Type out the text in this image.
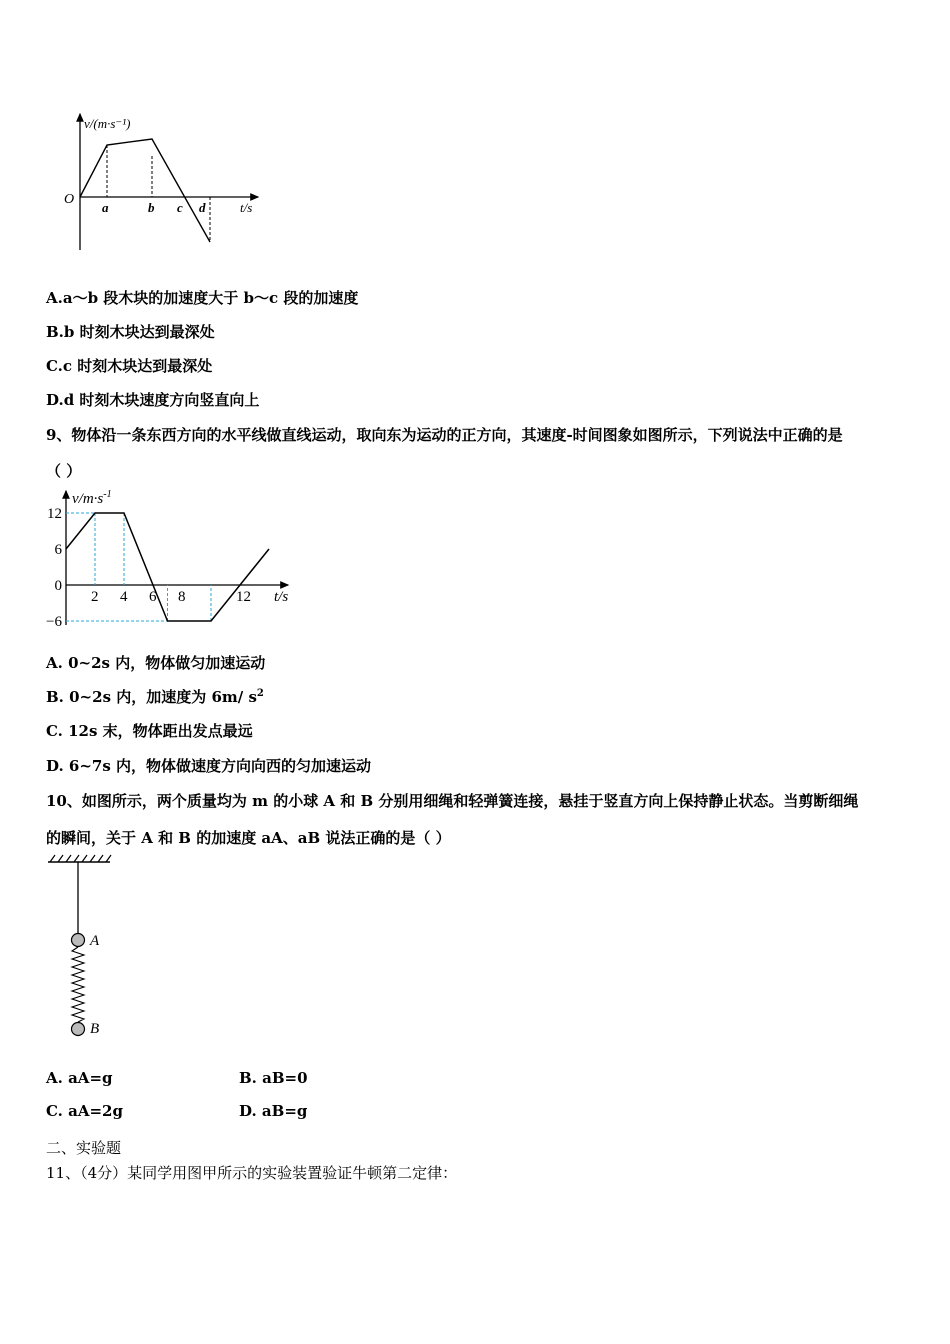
v/(m·s⁻¹)
O
a	b c d	t/s
A.a～b 段木块的加速度大于 b～c 段的加速度
B.b 时刻木块达到最深处
C.c 时刻木块达到最深处
D.d 时刻木块速度方向竖直向上
9、物体沿一条东西方向的水平线做直线运动，取向东为运动的正方向，其速度-时间图象如图所示，下列说法中正确的是
（ ）
$v/m\cdot s^{-1}$
t/s
2 4 6 8	12
12
6
0
−6
A. 0~2s 内，物体做匀加速运动
B. 0~2s 内，加速度为 6m/ $s^2$
C. 12s 末，物体距出发点最远
D. 6~7s 内，物体做速度方向向西的匀加速运动
10、如图所示，两个质量均为 m 的小球 A 和 B 分别用细绳和轻弹簧连接，悬挂于竖直方向上保持静止状态。当剪断细绳
的瞬间，关于 A 和 B 的加速度 aA、aB 说法正确的是（ ）
A
B
A. aA=g	B. aB=0
C. aA=2g	D. aB=g
二、实验题
11、（4分）某同学用图甲所示的实验装置验证牛顿第二定律：
